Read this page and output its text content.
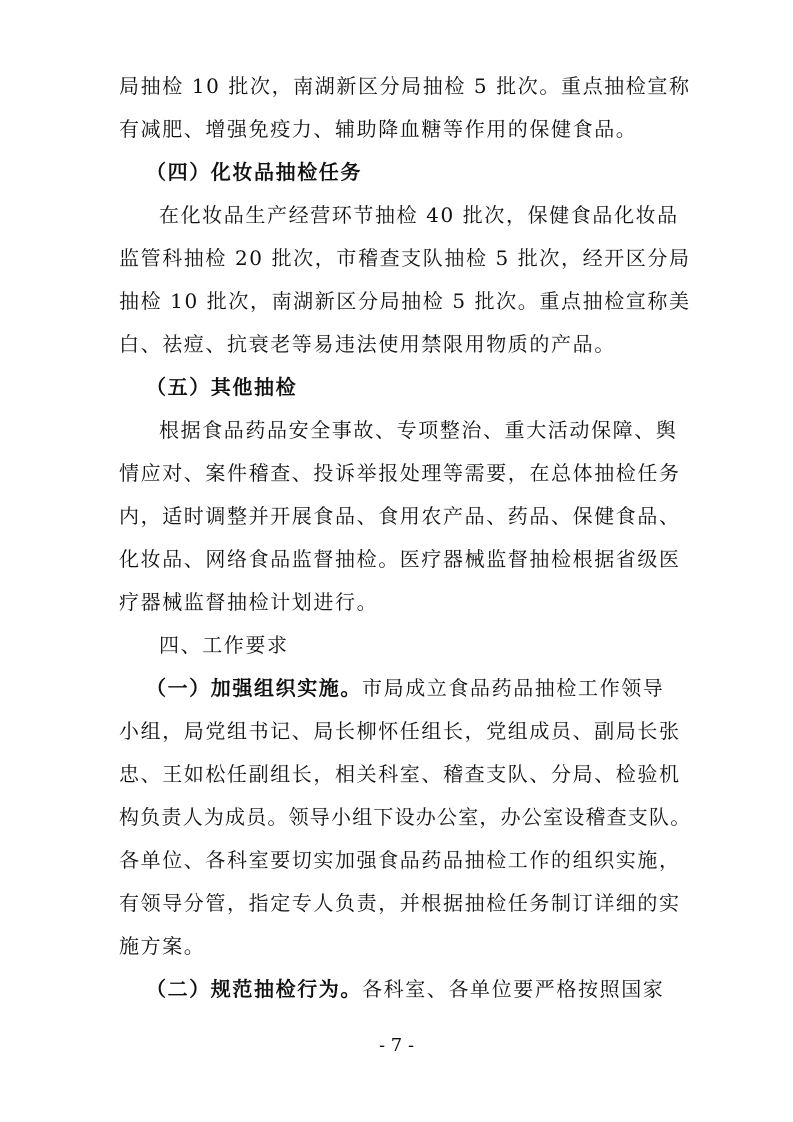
局抽检 10 批次，南湖新区分局抽检 5 批次。重点抽检宣称
有减肥、增强免疫力、辅助降血糖等作用的保健食品。
（四）化妆品抽检任务
在化妆品生产经营环节抽检 40 批次，保健食品化妆品
监管科抽检 20 批次，市稽查支队抽检 5 批次，经开区分局
抽检 10 批次，南湖新区分局抽检 5 批次。重点抽检宣称美
白、祛痘、抗衰老等易违法使用禁限用物质的产品。
（五）其他抽检
根据食品药品安全事故、专项整治、重大活动保障、舆
情应对、案件稽查、投诉举报处理等需要，在总体抽检任务
内，适时调整并开展食品、食用农产品、药品、保健食品、
化妆品、网络食品监督抽检。医疗器械监督抽检根据省级医
疗器械监督抽检计划进行。
四、工作要求
（一）加强组织实施。市局成立食品药品抽检工作领导
小组，局党组书记、局长柳怀任组长，党组成员、副局长张
忠、王如松任副组长，相关科室、稽查支队、分局、检验机
构负责人为成员。领导小组下设办公室，办公室设稽查支队。
各单位、各科室要切实加强食品药品抽检工作的组织实施，
有领导分管，指定专人负责，并根据抽检任务制订详细的实
施方案。
（二）规范抽检行为。各科室、各单位要严格按照国家
- 7 -
